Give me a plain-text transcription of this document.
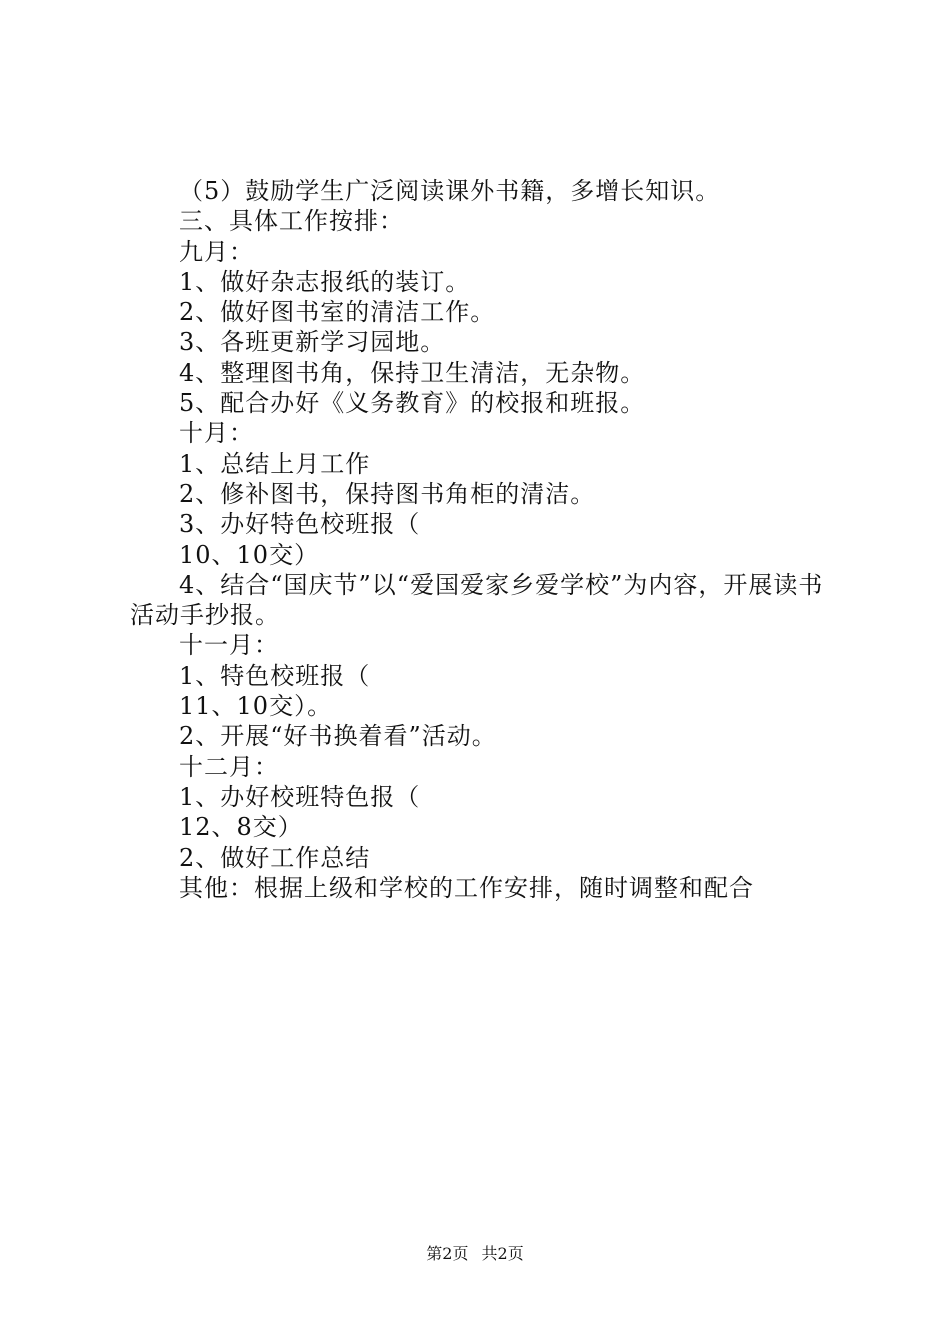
（5）鼓励学生广泛阅读课外书籍，多增长知识。
三、具体工作按排：
九月：
1、做好杂志报纸的装订。
2、做好图书室的清洁工作。
3、各班更新学习园地。
4、整理图书角，保持卫生清洁，无杂物。
5、配合办好《义务教育》的校报和班报。
十月：
1、总结上月工作
2、修补图书，保持图书角柜的清洁。
3、办好特色校班报（
10、10交）
4、结合“国庆节”以“爱国爱家乡爱学校”为内容，开展读书活动手抄报。
十一月：
1、特色校班报（
11、10交）。
2、开展“好书换着看”活动。
十二月：
1、办好校班特色报（
12、8交）
2、做好工作总结
其他：根据上级和学校的工作安排，随时调整和配合
第2页 共2页
